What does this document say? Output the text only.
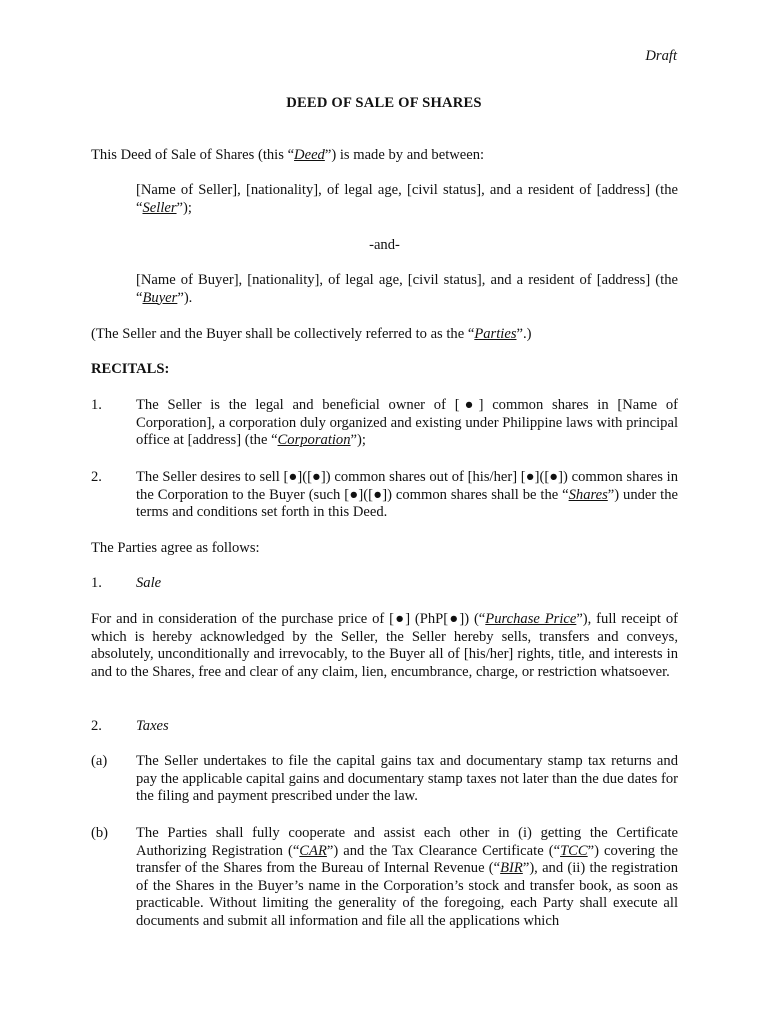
Draft
DEED OF SALE OF SHARES
This Deed of Sale of Shares (this “Deed”) is made by and between:
[Name of Seller], [nationality], of legal age, [civil status], and a resident of [address] (the “Seller”);
-and-
[Name of Buyer], [nationality], of legal age, [civil status], and a resident of [address] (the “Buyer”).
(The Seller and the Buyer shall be collectively referred to as the “Parties”.)
RECITALS:
1. The Seller is the legal and beneficial owner of [●] common shares in [Name of Corporation], a corporation duly organized and existing under Philippine laws with principal office at [address] (the “Corporation”);
2. The Seller desires to sell [●]([●]) common shares out of [his/her] [●]([●]) common shares in the Corporation to the Buyer (such [●]([●]) common shares shall be the “Shares”) under the terms and conditions set forth in this Deed.
The Parties agree as follows:
1. Sale
For and in consideration of the purchase price of [●] (PhP[●]) (“Purchase Price”), full receipt of which is hereby acknowledged by the Seller, the Seller hereby sells, transfers and conveys, absolutely, unconditionally and irrevocably, to the Buyer all of [his/her] rights, title, and interests in and to the Shares, free and clear of any claim, lien, encumbrance, charge, or restriction whatsoever.
2. Taxes
(a) The Seller undertakes to file the capital gains tax and documentary stamp tax returns and pay the applicable capital gains and documentary stamp taxes not later than the due dates for the filing and payment prescribed under the law.
(b) The Parties shall fully cooperate and assist each other in (i) getting the Certificate Authorizing Registration (“CAR”) and the Tax Clearance Certificate (“TCC”) covering the transfer of the Shares from the Bureau of Internal Revenue (“BIR”), and (ii) the registration of the Shares in the Buyer’s name in the Corporation’s stock and transfer book, as soon as practicable. Without limiting the generality of the foregoing, each Party shall execute all documents and submit all information and file all the applications which
